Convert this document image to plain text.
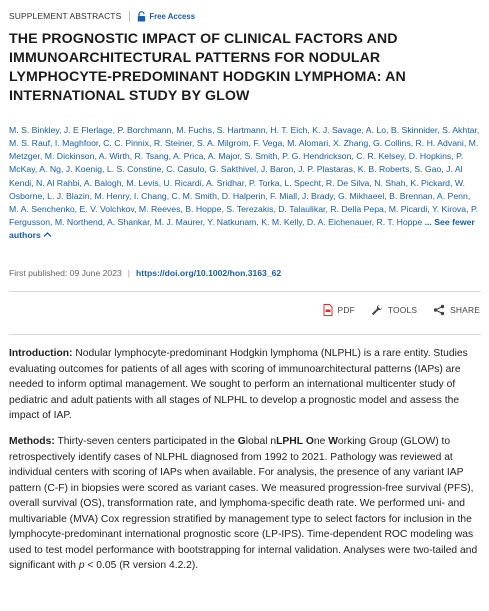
SUPPLEMENT ABSTRACTS	Free Access
THE PROGNOSTIC IMPACT OF CLINICAL FACTORS AND IMMUNOARCHITECTURAL PATTERNS FOR NODULAR LYMPHOCYTE-PREDOMINANT HODGKIN LYMPHOMA: AN INTERNATIONAL STUDY BY GLOW
M. S. Binkley, J. E Flerlage, P. Borchmann, M. Fuchs, S. Hartmann, H. T. Eich, K. J. Savage, A. Lo, B. Skinnider, S. Akhtar, M. S. Rauf, I. Maghfoor, C. C. Pinnix, R. Steiner, S. A. Milgrom, F. Vega, M. Alomari, X. Zhang, G. Collins, R. H. Advani, M. Metzger, M. Dickinson, A. Wirth, R. Tsang, A. Prica, A. Major, S. Smith, P. G. Hendrickson, C. R. Kelsey, D. Hopkins, P. McKay, A. Ng, J. Koenig, L. S. Constine, C. Casulo, G. Sakthivel, J. Baron, J. P. Plastaras, K. B. Roberts, S. Gao, J. Al Kendi, N. Al Rahbi, A. Balogh, M. Levis, U. Ricardi, A. Sridhar, P. Torka, L. Specht, R. De Silva, N. Shah, K. Pickard, W. Osborne, L. J. Blazin, M. Henry, I. Chang, C. M. Smith, D. Halperin, F. Miall, J. Brady, G. Mikhaeel, B. Brennan, A. Penn, M. A. Senchenko, E. V. Volchkov, M. Reeves, B. Hoppe, S. Terezakis, D. Talaulikar, R. Della Pepa, M. Picardi, Y. Kirova, P. Fergusson, M. Northend, A. Shankar, M. J. Maurer, Y. Natkunam, K. M. Kelly, D. A. Eichenauer, R. T. Hoppe ... See fewer authors
First published: 09 June 2023 | https://doi.org/10.1002/hon.3163_62
PDF	TOOLS	SHARE

Introduction: Nodular lymphocyte-predominant Hodgkin lymphoma (NLPHL) is a rare entity. Studies evaluating outcomes for patients of all ages with scoring of immunoarchitectural patterns (IAPs) are needed to inform optimal management. We sought to perform an international multicenter study of pediatric and adult patients with all stages of NLPHL to develop a prognostic model and assess the impact of IAP.

Methods: Thirty-seven centers participated in the Global nLPHL One Working Group (GLOW) to retrospectively identify cases of NLPHL diagnosed from 1992 to 2021. Pathology was reviewed at individual centers with scoring of IAPs when available. For analysis, the presence of any variant IAP pattern (C-F) in biopsies were scored as variant cases. We measured progression-free survival (PFS), overall survival (OS), transformation rate, and lymphoma-specific death rate. We performed uni- and multivariable (MVA) Cox regression stratified by management type to select factors for inclusion in the lymphocyte-predominant international prognostic score (LP-IPS). Time-dependent ROC modeling was used to test model performance with bootstrapping for internal validation. Analyses were two-tailed and significant with p < 0.05 (R version 4.2.2).
